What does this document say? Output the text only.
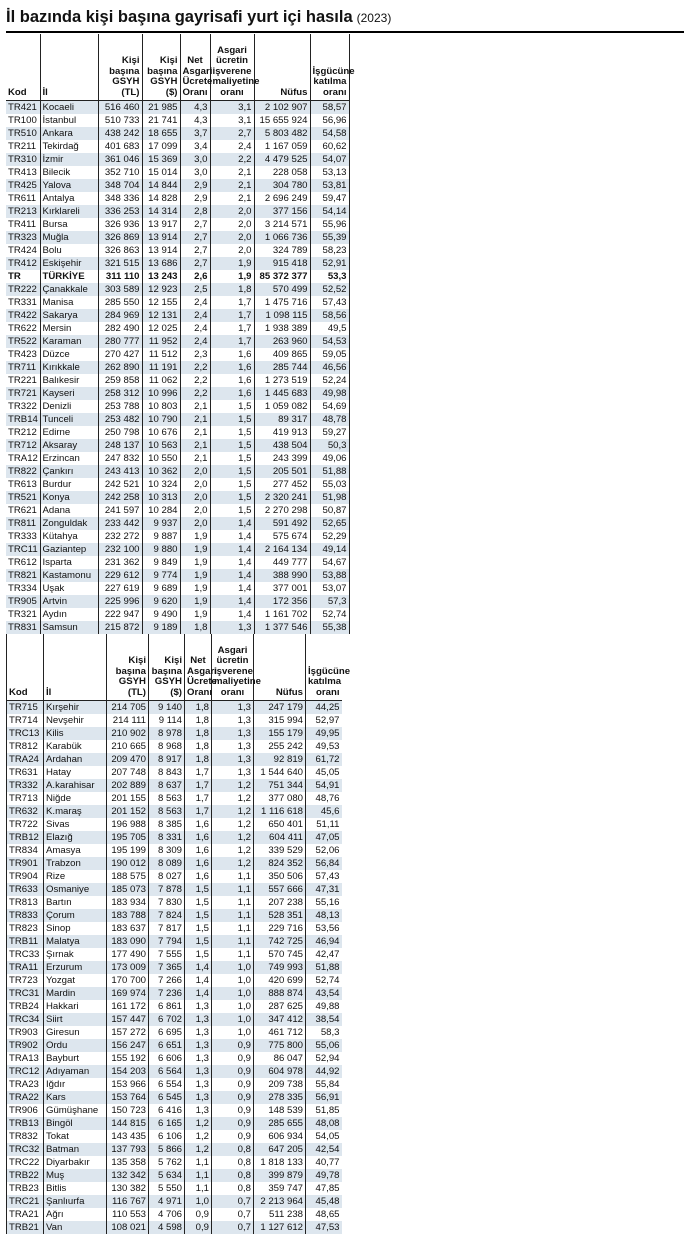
İl bazında kişi başına gayrisafi yurt içi hasıla (2023)
Kod	İl	Kişi başına GSYH (TL)	Kişi başına GSYH ($)	Net Asgari Ücrete Oranı	Asgari ücretin işverene maliyetine oranı	Nüfus	İşgücüne katılma oranı
TR421	Kocaeli	516 460	21 985	4,3	3,1	2 102 907	58,57
TR100	İstanbul	510 733	21 741	4,3	3,1	15 655 924	56,96
TR510	Ankara	438 242	18 655	3,7	2,7	5 803 482	54,58
TR211	Tekirdağ	401 683	17 099	3,4	2,4	1 167 059	60,62
TR310	İzmir	361 046	15 369	3,0	2,2	4 479 525	54,07
TR413	Bilecik	352 710	15 014	3,0	2,1	228 058	53,13
TR425	Yalova	348 704	14 844	2,9	2,1	304 780	53,81
TR611	Antalya	348 336	14 828	2,9	2,1	2 696 249	59,47
TR213	Kırklareli	336 253	14 314	2,8	2,0	377 156	54,14
TR411	Bursa	326 936	13 917	2,7	2,0	3 214 571	55,96
TR323	Muğla	326 869	13 914	2,7	2,0	1 066 736	55,39
TR424	Bolu	326 863	13 914	2,7	2,0	324 789	58,23
TR412	Eskişehir	321 515	13 686	2,7	1,9	915 418	52,91
TR	TÜRKİYE	311 110	13 243	2,6	1,9	85 372 377	53,3
TR222	Çanakkale	303 589	12 923	2,5	1,8	570 499	52,52
TR331	Manisa	285 550	12 155	2,4	1,7	1 475 716	57,43
TR422	Sakarya	284 969	12 131	2,4	1,7	1 098 115	58,56
TR622	Mersin	282 490	12 025	2,4	1,7	1 938 389	49,5
TR522	Karaman	280 777	11 952	2,4	1,7	263 960	54,53
TR423	Düzce	270 427	11 512	2,3	1,6	409 865	59,05
TR711	Kırıkkale	262 890	11 191	2,2	1,6	285 744	46,56
TR221	Balıkesir	259 858	11 062	2,2	1,6	1 273 519	52,24
TR721	Kayseri	258 312	10 996	2,2	1,6	1 445 683	49,98
TR322	Denizli	253 788	10 803	2,1	1,5	1 059 082	54,69
TRB14	Tunceli	253 482	10 790	2,1	1,5	89 317	48,78
TR212	Edirne	250 798	10 676	2,1	1,5	419 913	59,27
TR712	Aksaray	248 137	10 563	2,1	1,5	438 504	50,3
TRA12	Erzincan	247 832	10 550	2,1	1,5	243 399	49,06
TR822	Çankırı	243 413	10 362	2,0	1,5	205 501	51,88
TR613	Burdur	242 521	10 324	2,0	1,5	277 452	55,03
TR521	Konya	242 258	10 313	2,0	1,5	2 320 241	51,98
TR621	Adana	241 597	10 284	2,0	1,5	2 270 298	50,87
TR811	Zonguldak	233 442	9 937	2,0	1,4	591 492	52,65
TR333	Kütahya	232 272	9 887	1,9	1,4	575 674	52,29
TRC11	Gaziantep	232 100	9 880	1,9	1,4	2 164 134	49,14
TR612	Isparta	231 362	9 849	1,9	1,4	449 777	54,67
TR821	Kastamonu	229 612	9 774	1,9	1,4	388 990	53,88
TR334	Uşak	227 619	9 689	1,9	1,4	377 001	53,07
TR905	Artvin	225 996	9 620	1,9	1,4	172 356	57,3
TR321	Aydın	222 947	9 490	1,9	1,4	1 161 702	52,74
TR831	Samsun	215 872	9 189	1,8	1,3	1 377 546	55,38
Kod	İl	Kişi başına GSYH (TL)	Kişi başına GSYH ($)	Net Asgari Ücrete Oranı	Asgari ücretin işverene maliyetine oranı	Nüfus	İşgücüne katılma oranı
TR715	Kırşehir	214 705	9 140	1,8	1,3	247 179	44,25
TR714	Nevşehir	214 111	9 114	1,8	1,3	315 994	52,97
TRC13	Kilis	210 902	8 978	1,8	1,3	155 179	49,95
TR812	Karabük	210 665	8 968	1,8	1,3	255 242	49,53
TRA24	Ardahan	209 470	8 917	1,8	1,3	92 819	61,72
TR631	Hatay	207 748	8 843	1,7	1,3	1 544 640	45,05
TR332	A.karahisar	202 889	8 637	1,7	1,2	751 344	54,91
TR713	Niğde	201 155	8 563	1,7	1,2	377 080	48,76
TR632	K.maraş	201 152	8 563	1,7	1,2	1 116 618	45,6
TR722	Sivas	196 988	8 385	1,6	1,2	650 401	51,11
TRB12	Elazığ	195 705	8 331	1,6	1,2	604 411	47,05
TR834	Amasya	195 199	8 309	1,6	1,2	339 529	52,06
TR901	Trabzon	190 012	8 089	1,6	1,2	824 352	56,84
TR904	Rize	188 575	8 027	1,6	1,1	350 506	57,43
TR633	Osmaniye	185 073	7 878	1,5	1,1	557 666	47,31
TR813	Bartın	183 934	7 830	1,5	1,1	207 238	55,16
TR833	Çorum	183 788	7 824	1,5	1,1	528 351	48,13
TR823	Sinop	183 637	7 817	1,5	1,1	229 716	53,56
TRB11	Malatya	183 090	7 794	1,5	1,1	742 725	46,94
TRC33	Şırnak	177 490	7 555	1,5	1,1	570 745	42,47
TRA11	Erzurum	173 009	7 365	1,4	1,0	749 993	51,88
TR723	Yozgat	170 700	7 266	1,4	1,0	420 699	52,74
TRC31	Mardin	169 974	7 236	1,4	1,0	888 874	43,54
TRB24	Hakkari	161 172	6 861	1,3	1,0	287 625	49,88
TRC34	Siirt	157 447	6 702	1,3	1,0	347 412	38,54
TR903	Giresun	157 272	6 695	1,3	1,0	461 712	58,3
TR902	Ordu	156 247	6 651	1,3	0,9	775 800	55,06
TRA13	Bayburt	155 192	6 606	1,3	0,9	86 047	52,94
TRC12	Adıyaman	154 203	6 564	1,3	0,9	604 978	44,92
TRA23	Iğdır	153 966	6 554	1,3	0,9	209 738	55,84
TRA22	Kars	153 764	6 545	1,3	0,9	278 335	56,91
TR906	Gümüşhane	150 723	6 416	1,3	0,9	148 539	51,85
TRB13	Bingöl	144 815	6 165	1,2	0,9	285 655	48,08
TR832	Tokat	143 435	6 106	1,2	0,9	606 934	54,05
TRC32	Batman	137 793	5 866	1,2	0,8	647 205	42,54
TRC22	Diyarbakır	135 358	5 762	1,1	0,8	1 818 133	40,77
TRB22	Muş	132 342	5 634	1,1	0,8	399 879	49,78
TRB23	Bitlis	130 382	5 550	1,1	0,8	359 747	47,85
TRC21	Şanlıurfa	116 767	4 971	1,0	0,7	2 213 964	45,48
TRA21	Ağrı	110 553	4 706	0,9	0,7	511 238	48,65
TRB21	Van	108 021	4 598	0,9	0,7	1 127 612	47,53
